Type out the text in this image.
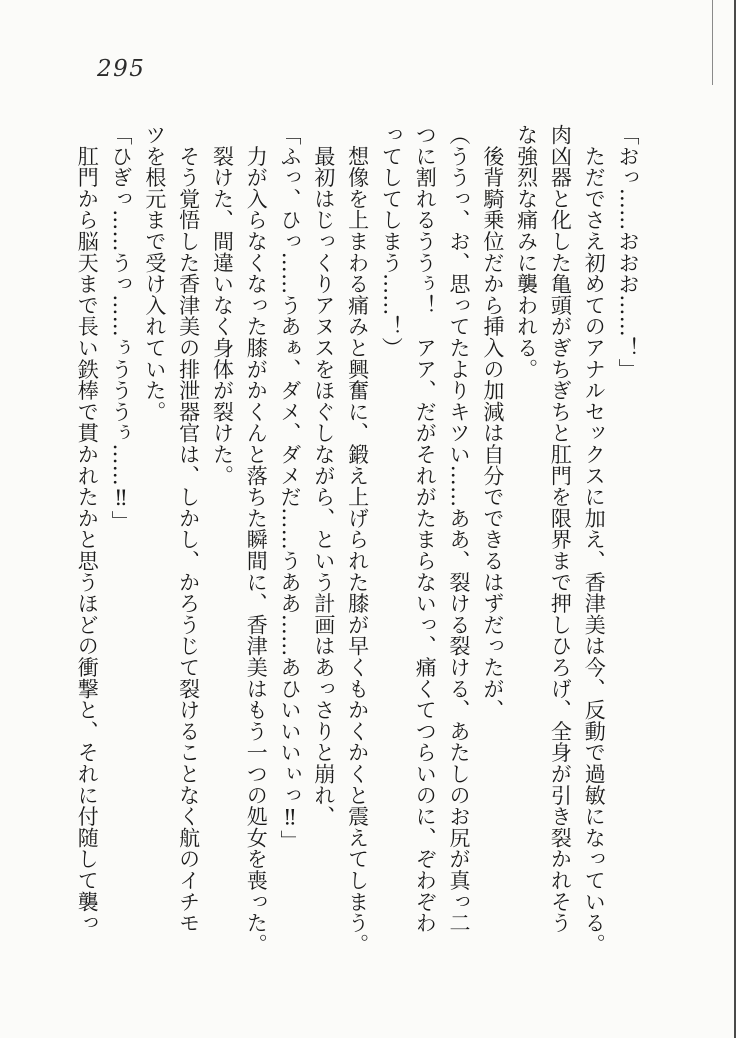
295
「おっ……おおお……！」
　ただでさえ初めてのアナルセックスに加え、香津美は今、反動で過敏になっている。
肉凶器と化した亀頭がぎちぎちと肛門を限界まで押しひろげ、全身が引き裂かれそう
な強烈な痛みに襲われる。
　後背騎乗位だから挿入の加減は自分でできるはずだったが、
（ううっ、お、思ってたよりキツい……ああ、裂ける裂ける、あたしのお尻が真っ二
つに割れるううぅ！　アア、だがそれがたまらないっ、痛くてつらいのに、ぞわぞわ
ってしてしまう……！）
　想像を上まわる痛みと興奮に、鍛え上げられた膝が早くもかくかくと震えてしまう。
　最初はじっくりアヌスをほぐしながら、という計画はあっさりと崩れ、
「ふっ、ひっ……うあぁ、ダメ、ダメだ……うああ……あひいいいぃっ‼」
　力が入らなくなった膝がかくんと落ちた瞬間に、香津美はもう一つの処女を喪った。
　裂けた、間違いなく身体が裂けた。
　そう覚悟した香津美の排泄器官は、しかし、かろうじて裂けることなく航のイチモ
ツを根元まで受け入れていた。
「ひぎっ……うっ……ぅうううぅ……‼」
　肛門から脳天まで長い鉄棒で貫かれたかと思うほどの衝撃と、それに付随して襲っ
